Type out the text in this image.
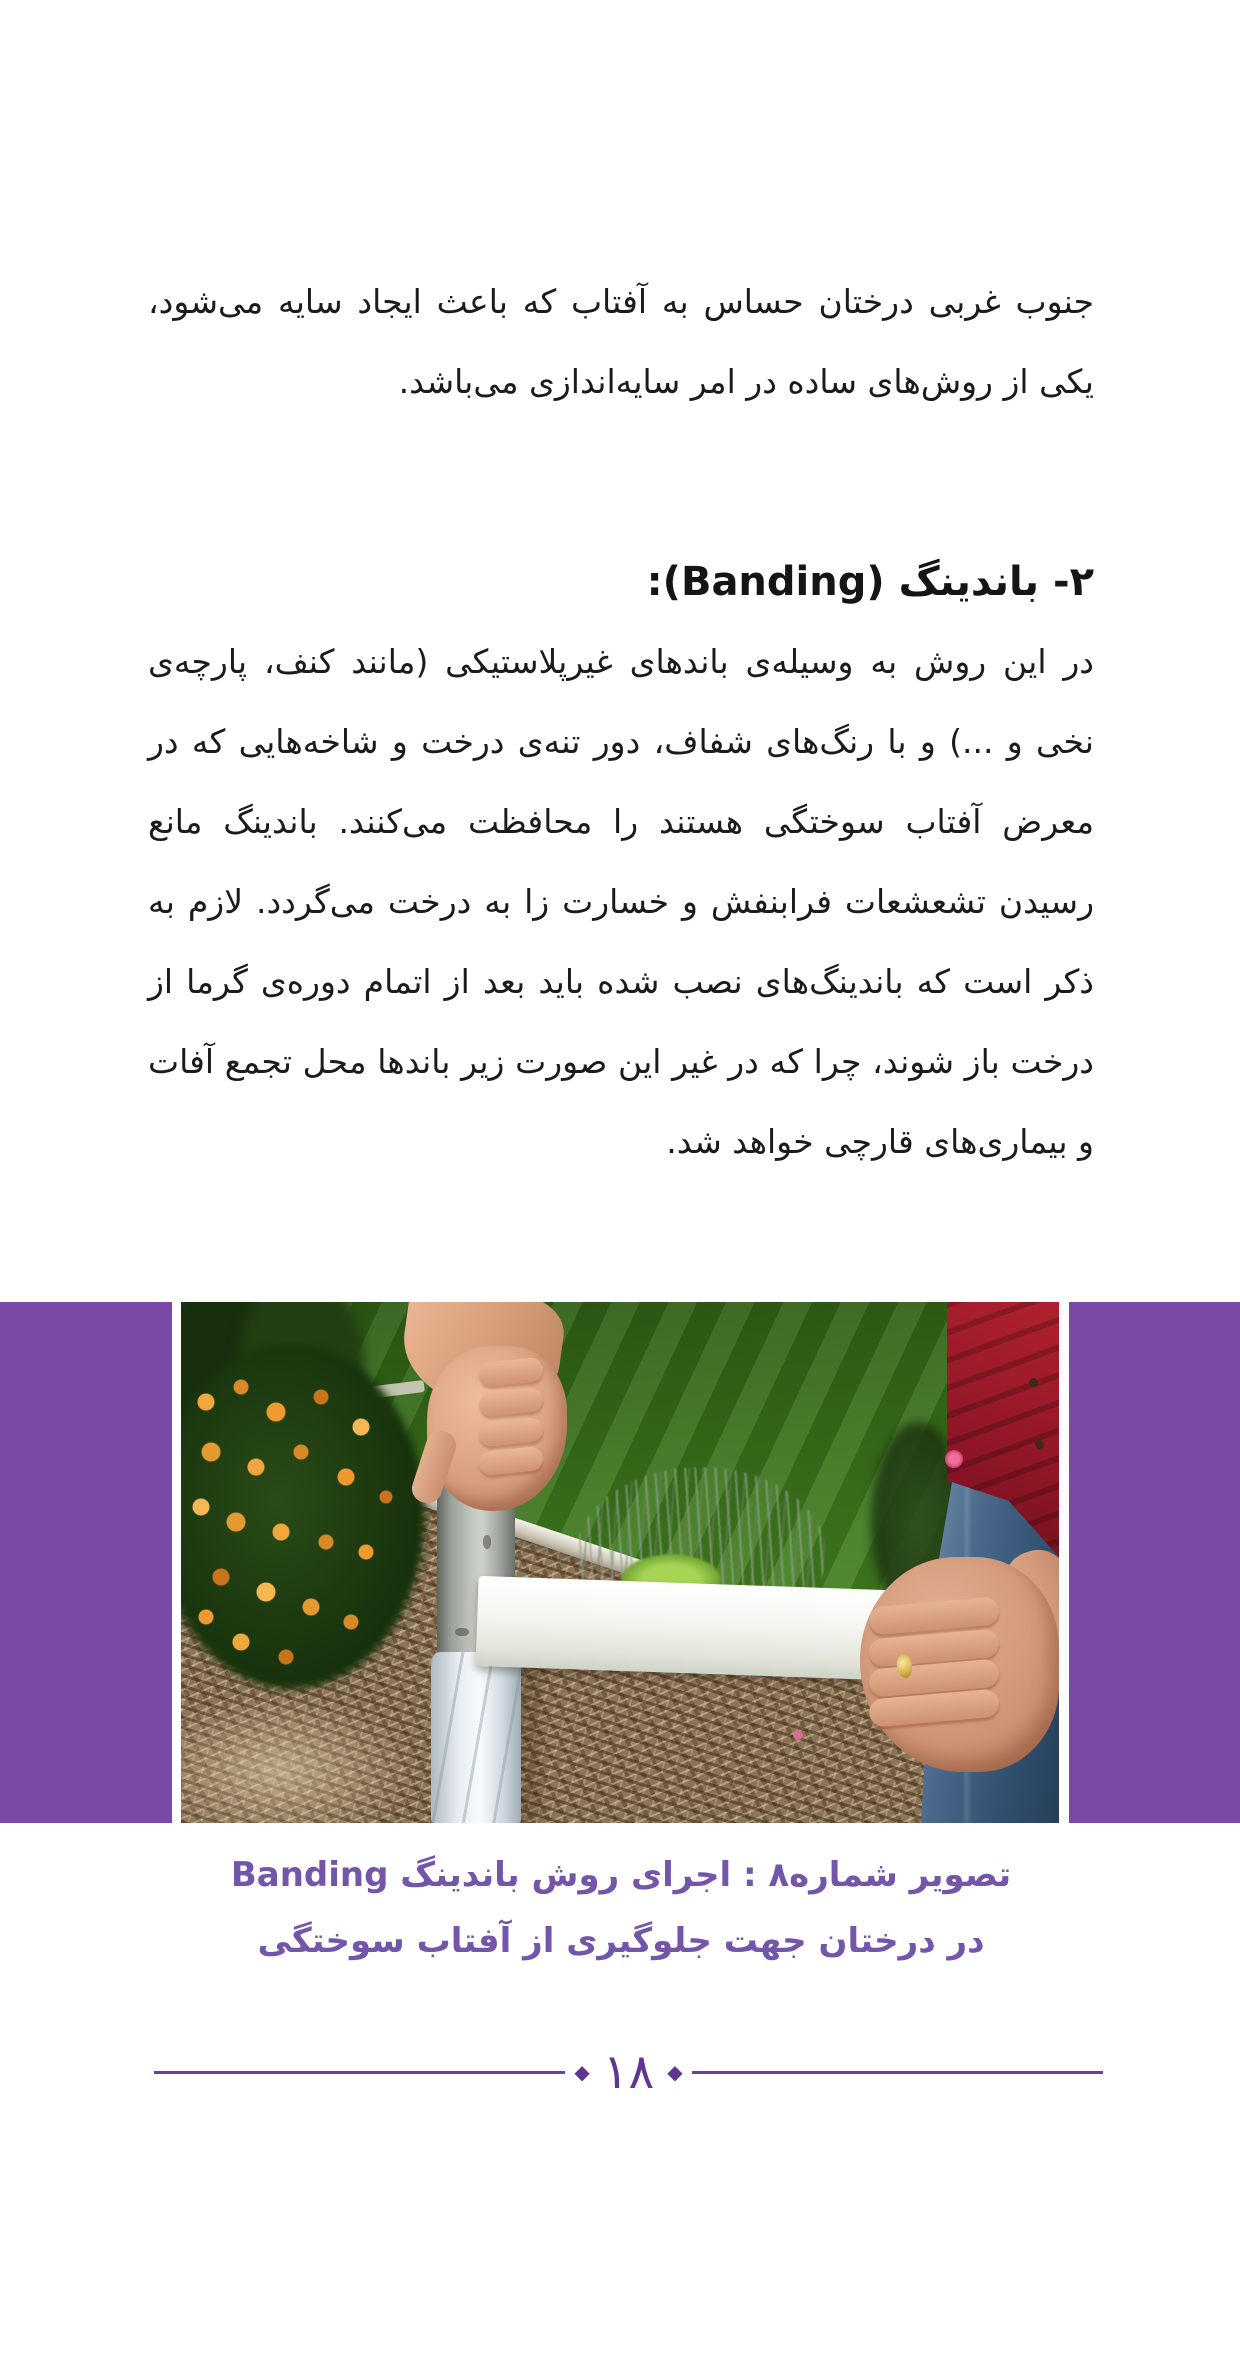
جنوب غربی درختان حساس به آفتاب که باعث ایجاد سایه می‌شود، یکی از روش‌های ساده در امر سایه‌اندازی می‌باشد.
۲- باندینگ (Banding):
در این روش به وسیله‌ی باندهای غیرپلاستیکی (مانند کنف، پارچه‌ی نخی و ...) و با رنگ‌های شفاف، دور تنه‌ی درخت و شاخه‌هایی که در معرض آفتاب سوختگی هستند را محافظت می‌کنند. باندینگ مانع رسیدن تشعشعات فرابنفش و خسارت زا به درخت می‌گردد. لازم به ذکر است که باندینگ‌های نصب شده باید بعد از اتمام دوره‌ی گرما از درخت باز شوند، چرا که در غیر این صورت زیر باندها محل تجمع آفات و بیماری‌های قارچی خواهد شد.
تصویر شماره۸ : اجرای روش باندینگ Banding
در درختان جهت جلوگیری از آفتاب سوختگی
◆ ۱۸ ◆
